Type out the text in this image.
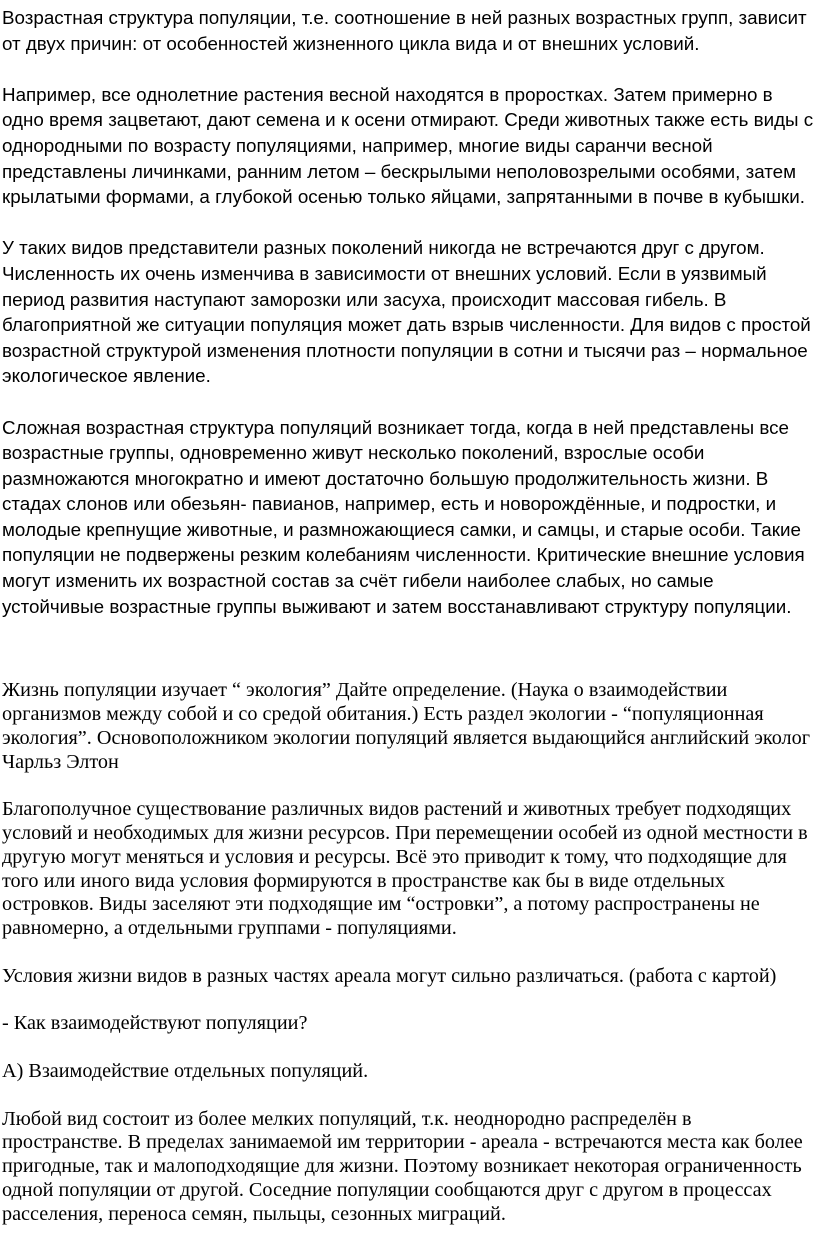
Возрастная структура популяции, т.е. соотношение в ней разных возрастных групп, зависит от двух причин: от особенностей жизненного цикла вида и от внешних условий.

Например, все однолетние растения весной находятся в проростках. Затем примерно в одно время зацветают, дают семена и к осени отмирают. Среди животных также есть виды с однородными по возрасту популяциями, например, многие виды саранчи весной представлены личинками, ранним летом – бескрылыми неполовозрелыми особями, затем крылатыми формами, а глубокой осенью только яйцами, запрятанными в почве в кубышки.

У таких видов представители разных поколений никогда не встречаются друг с другом. Численность их очень изменчива в зависимости от внешних условий. Если в уязвимый период развития наступают заморозки или засуха, происходит массовая гибель. В благоприятной же ситуации популяция может дать взрыв численности. Для видов с простой возрастной структурой изменения плотности популяции в сотни и тысячи раз – нормальное экологическое явление.

Сложная возрастная структура популяций возникает тогда, когда в ней представлены все возрастные группы, одновременно живут несколько поколений, взрослые особи размножаются многократно и имеют достаточно большую продолжительность жизни. В стадах слонов или обезьян- павианов, например, есть и новорождённые, и подростки, и молодые крепнущие животные, и размножающиеся самки, и самцы, и старые особи. Такие популяции не подвержены резким колебаниям численности. Критические внешние условия могут изменить их возрастной состав за счёт гибели наиболее слабых, но самые устойчивые возрастные группы выживают и затем восстанавливают структуру популяции.

Жизнь популяции изучает “ экология” Дайте определение. (Наука о взаимодействии организмов между собой и со средой обитания.) Есть раздел экологии - “популяционная экология”. Основоположником экологии популяций является выдающийся английский эколог Чарльз Элтон

Благополучное существование различных видов растений и животных требует подходящих условий и необходимых для жизни ресурсов. При перемещении особей из одной местности в другую могут меняться и условия и ресурсы. Всё это приводит к тому, что подходящие для того или иного вида условия формируются в пространстве как бы в виде отдельных островков. Виды заселяют эти подходящие им “островки”, а потому распространены не равномерно, а отдельными группами - популяциями.

Условия жизни видов в разных частях ареала могут сильно различаться. (работа с картой)

- Как взаимодействуют популяции?

А) Взаимодействие отдельных популяций.

Любой вид состоит из более мелких популяций, т.к. неоднородно распределён в пространстве. В пределах занимаемой им территории - ареала - встречаются места как более пригодные, так и малоподходящие для жизни. Поэтому возникает некоторая ограниченность одной популяции от другой. Соседние популяции сообщаются друг с другом в процессах расселения, переноса семян, пыльцы, сезонных миграций.
